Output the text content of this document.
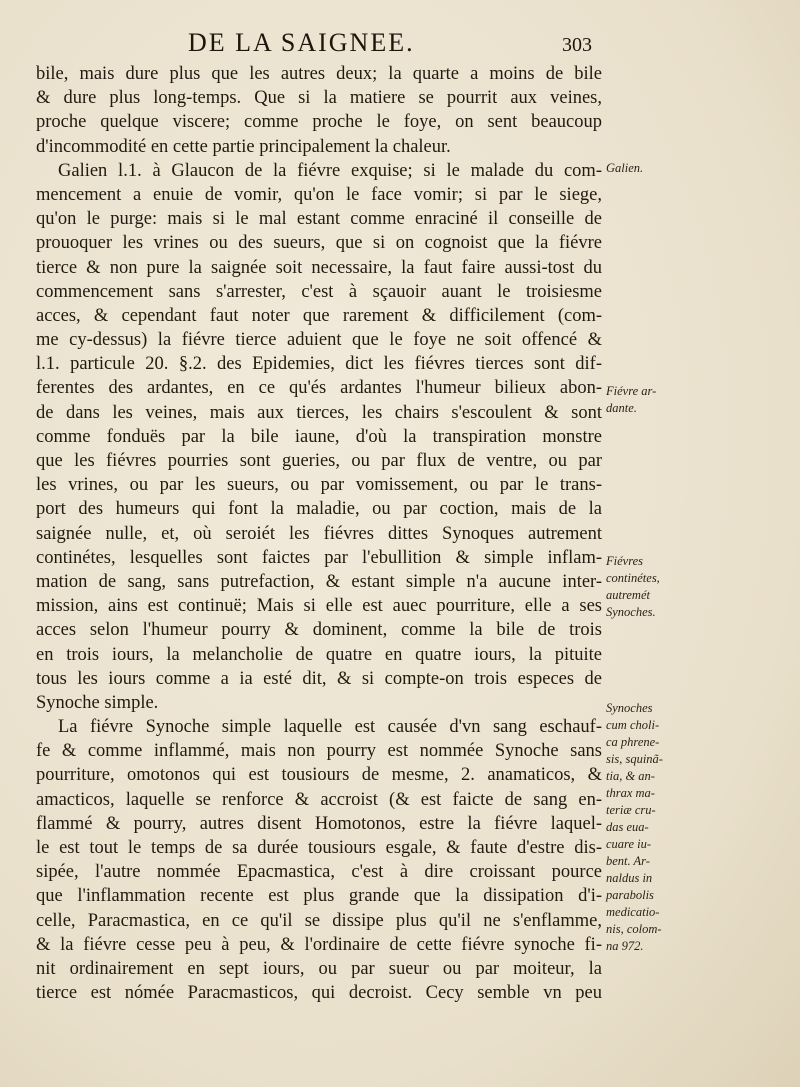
DE LA SAIGNEE.	303
bile, mais dure plus que les autres deux; la quarte a moins de bile
& dure plus long-temps. Que si la matiere se pourrit aux veines,
proche quelque viscere; comme proche le foye, on sent beaucoup
d'incommodité en cette partie principalement la chaleur.
Galien l.1. à Glaucon de la fiévre exquise; si le malade du com-
mencement a enuie de vomir, qu'on le face vomir; si par le siege,
qu'on le purge: mais si le mal estant comme enraciné il conseille de
prouoquer les vrines ou des sueurs, que si on cognoist que la fiévre
tierce & non pure la saignée soit necessaire, la faut faire aussi-tost du
commencement sans s'arrester, c'est à sçauoir auant le troisiesme
acces, & cependant faut noter que rarement & difficilement (com-
me cy-dessus) la fiévre tierce aduient que le foye ne soit offencé &
l.1. particule 20. §.2. des Epidemies, dict les fiévres tierces sont dif-
ferentes des ardantes, en ce qu'és ardantes l'humeur bilieux abon-
de dans les veines, mais aux tierces, les chairs s'escoulent & sont
comme fonduës par la bile iaune, d'où la transpiration monstre
que les fiévres pourries sont gueries, ou par flux de ventre, ou par
les vrines, ou par les sueurs, ou par vomissement, ou par le trans-
port des humeurs qui font la maladie, ou par coction, mais de la
saignée nulle, et, où seroiét les fiévres dittes Synoques autrement
continétes, lesquelles sont faictes par l'ebullition & simple inflam-
mation de sang, sans putrefaction, & estant simple n'a aucune inter-
mission, ains est continuë; Mais si elle est auec pourriture, elle a ses
acces selon l'humeur pourry & dominent, comme la bile de trois
en trois iours, la melancholie de quatre en quatre iours, la pituite
tous les iours comme a ia esté dit, & si compte-on trois especes de
Synoche simple.
La fiévre Synoche simple laquelle est causée d'vn sang eschauf-
fe & comme inflammé, mais non pourry est nommée Synoche sans
pourriture, omotonos qui est tousiours de mesme, 2. anamaticos, &
amacticos, laquelle se renforce & accroist (& est faicte de sang en-
flammé & pourry, autres disent Homotonos, estre la fiévre laquel-
le est tout le temps de sa durée tousiours esgale, & faute d'estre dis-
sipée, l'autre nommée Epacmastica, c'est à dire croissant pource
que l'inflammation recente est plus grande que la dissipation d'i-
celle, Paracmastica, en ce qu'il se dissipe plus qu'il ne s'enflamme,
& la fiévre cesse peu à peu, & l'ordinaire de cette fiévre synoche fi-
nit ordinairement en sept iours, ou par sueur ou par moiteur, la
tierce est nómée Paracmasticos, qui decroist. Cecy semble vn peu
Galien.
Fiévre ar-
dante.
Fiévres
continétes,
autremét
Synoches.
Synoches
cum choli-
ca phrene-
sis, squinã-
tia, & an-
thrax ma-
teriæ cru-
das eua-
cuare iu-
bent. Ar-
naldus in
parabolis
medicatio-
nis, colom-
na 972.
